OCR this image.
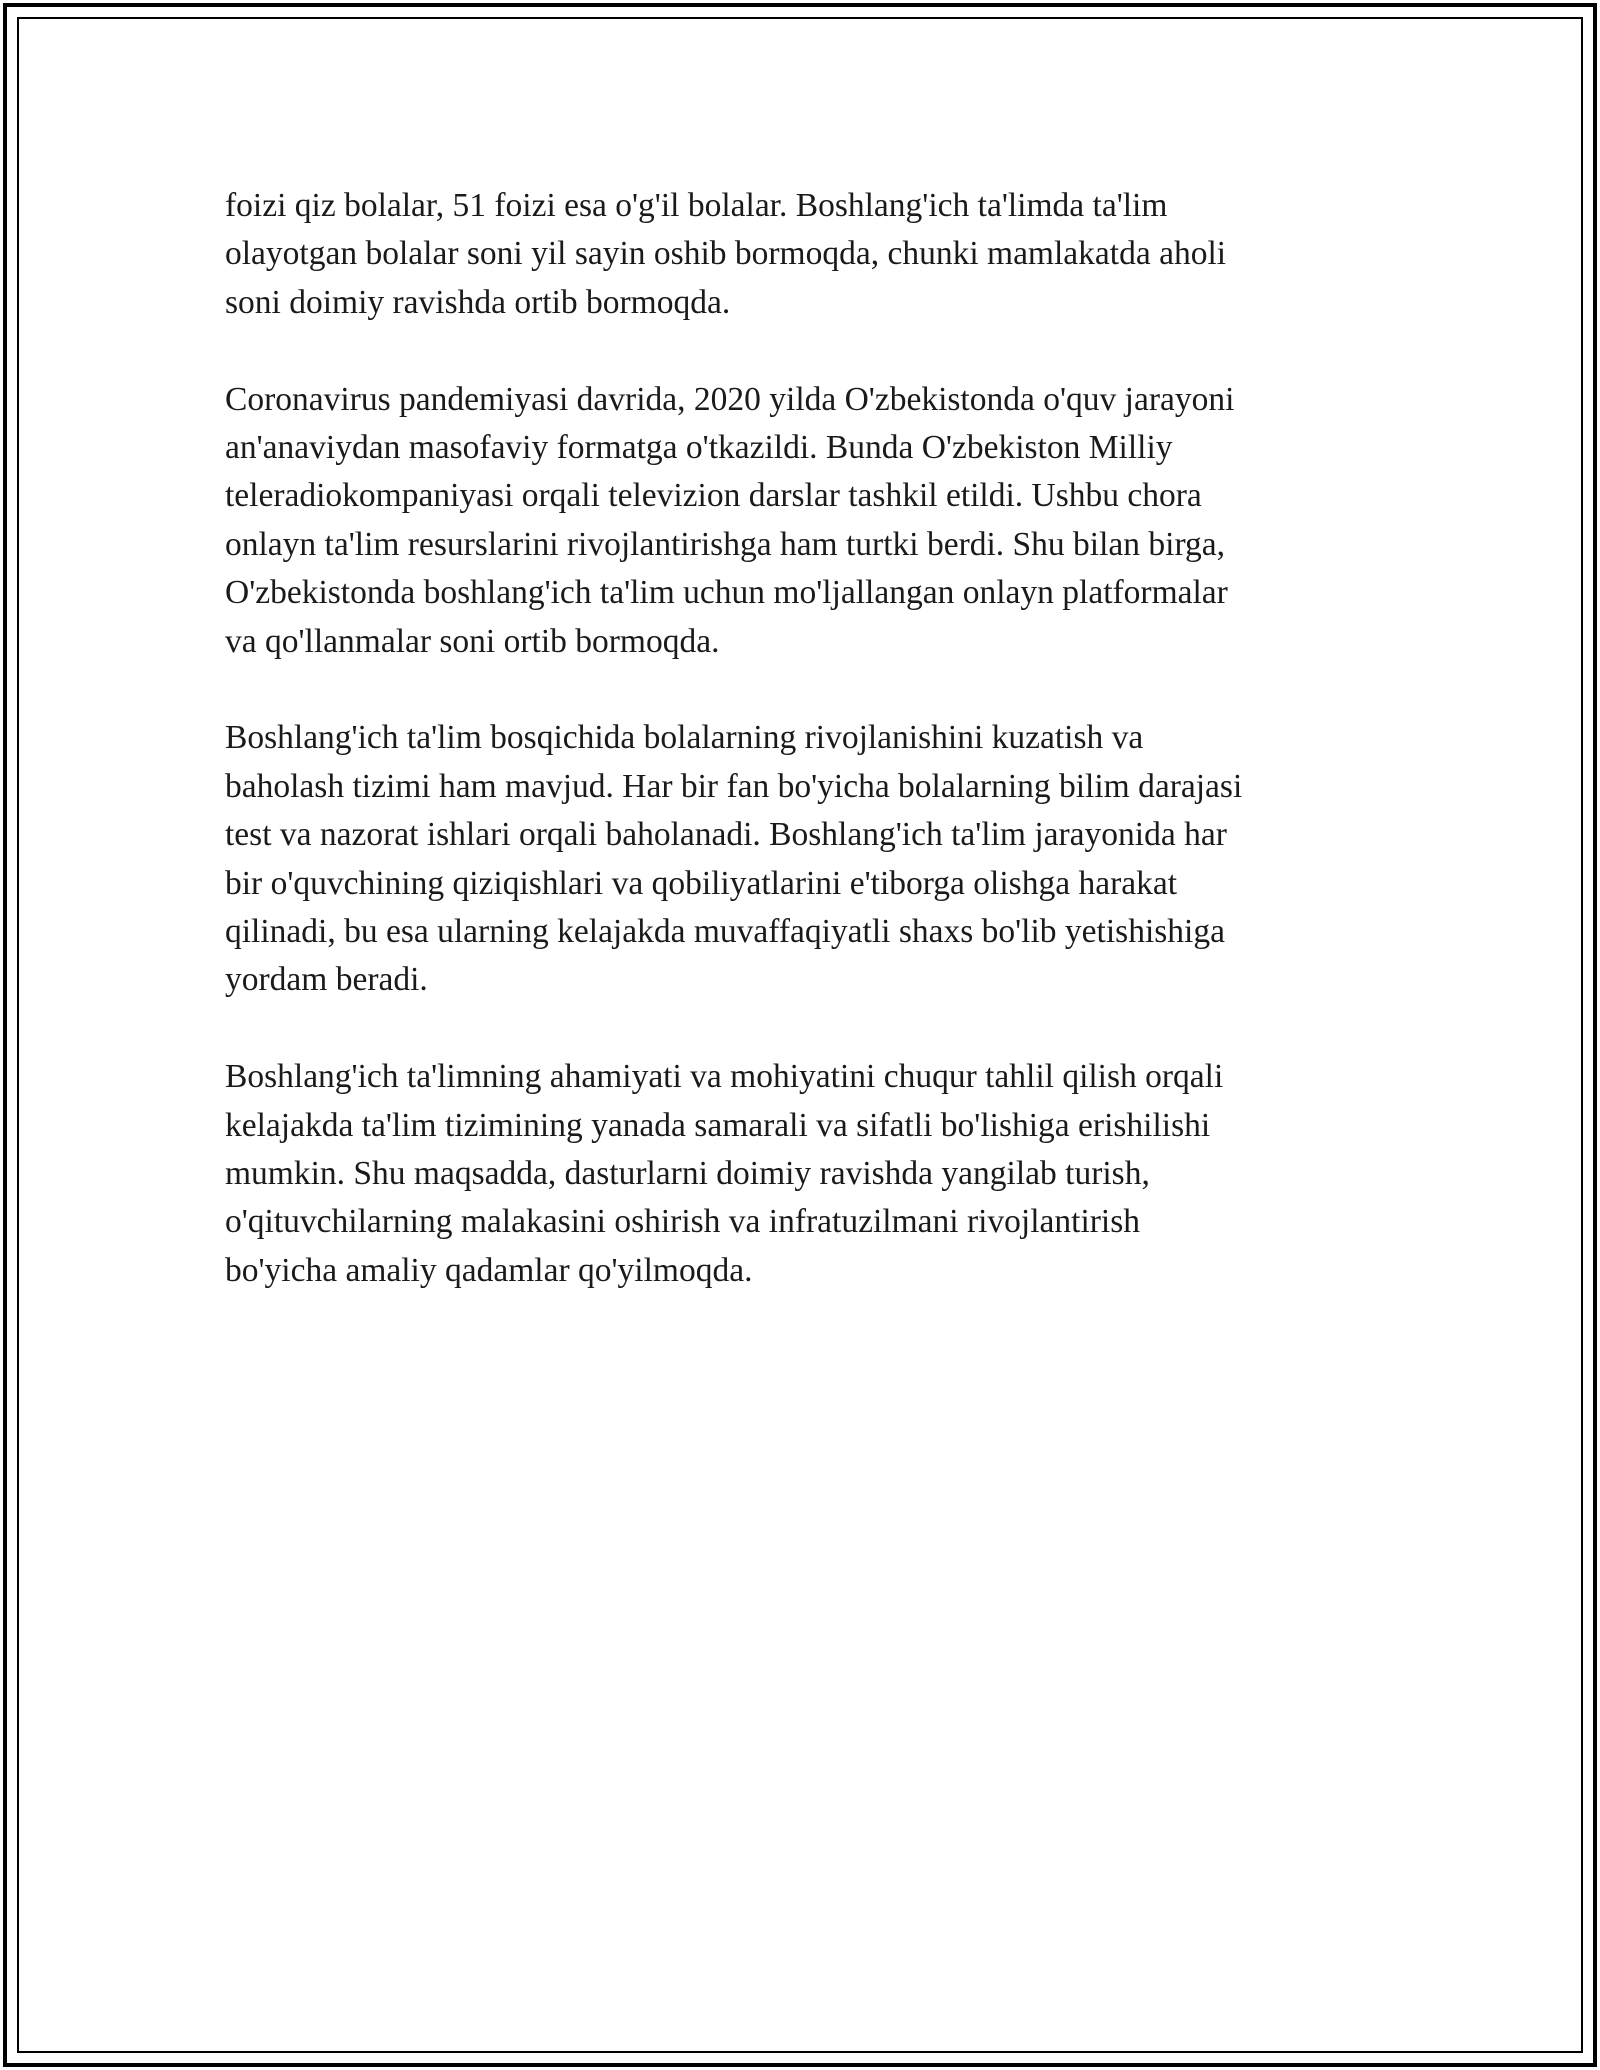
foizi qiz bolalar, 51 foizi esa o'g'il bolalar. Boshlang'ich ta'limda ta'lim
olayotgan bolalar soni yil sayin oshib bormoqda, chunki mamlakatda aholi
soni doimiy ravishda ortib bormoqda.

Coronavirus pandemiyasi davrida, 2020 yilda O'zbekistonda o'quv jarayoni
an'anaviydan masofaviy formatga o'tkazildi. Bunda O'zbekiston Milliy
teleradiokompaniyasi orqali televizion darslar tashkil etildi. Ushbu chora
onlayn ta'lim resurslarini rivojlantirishga ham turtki berdi. Shu bilan birga,
O'zbekistonda boshlang'ich ta'lim uchun mo'ljallangan onlayn platformalar
va qo'llanmalar soni ortib bormoqda.

Boshlang'ich ta'lim bosqichida bolalarning rivojlanishini kuzatish va
baholash tizimi ham mavjud. Har bir fan bo'yicha bolalarning bilim darajasi
test va nazorat ishlari orqali baholanadi. Boshlang'ich ta'lim jarayonida har
bir o'quvchining qiziqishlari va qobiliyatlarini e'tiborga olishga harakat
qilinadi, bu esa ularning kelajakda muvaffaqiyatli shaxs bo'lib yetishishiga
yordam beradi.

Boshlang'ich ta'limning ahamiyati va mohiyatini chuqur tahlil qilish orqali
kelajakda ta'lim tizimining yanada samarali va sifatli bo'lishiga erishilishi
mumkin. Shu maqsadda, dasturlarni doimiy ravishda yangilab turish,
o'qituvchilarning malakasini oshirish va infratuzilmani rivojlantirish
bo'yicha amaliy qadamlar qo'yilmoqda.
